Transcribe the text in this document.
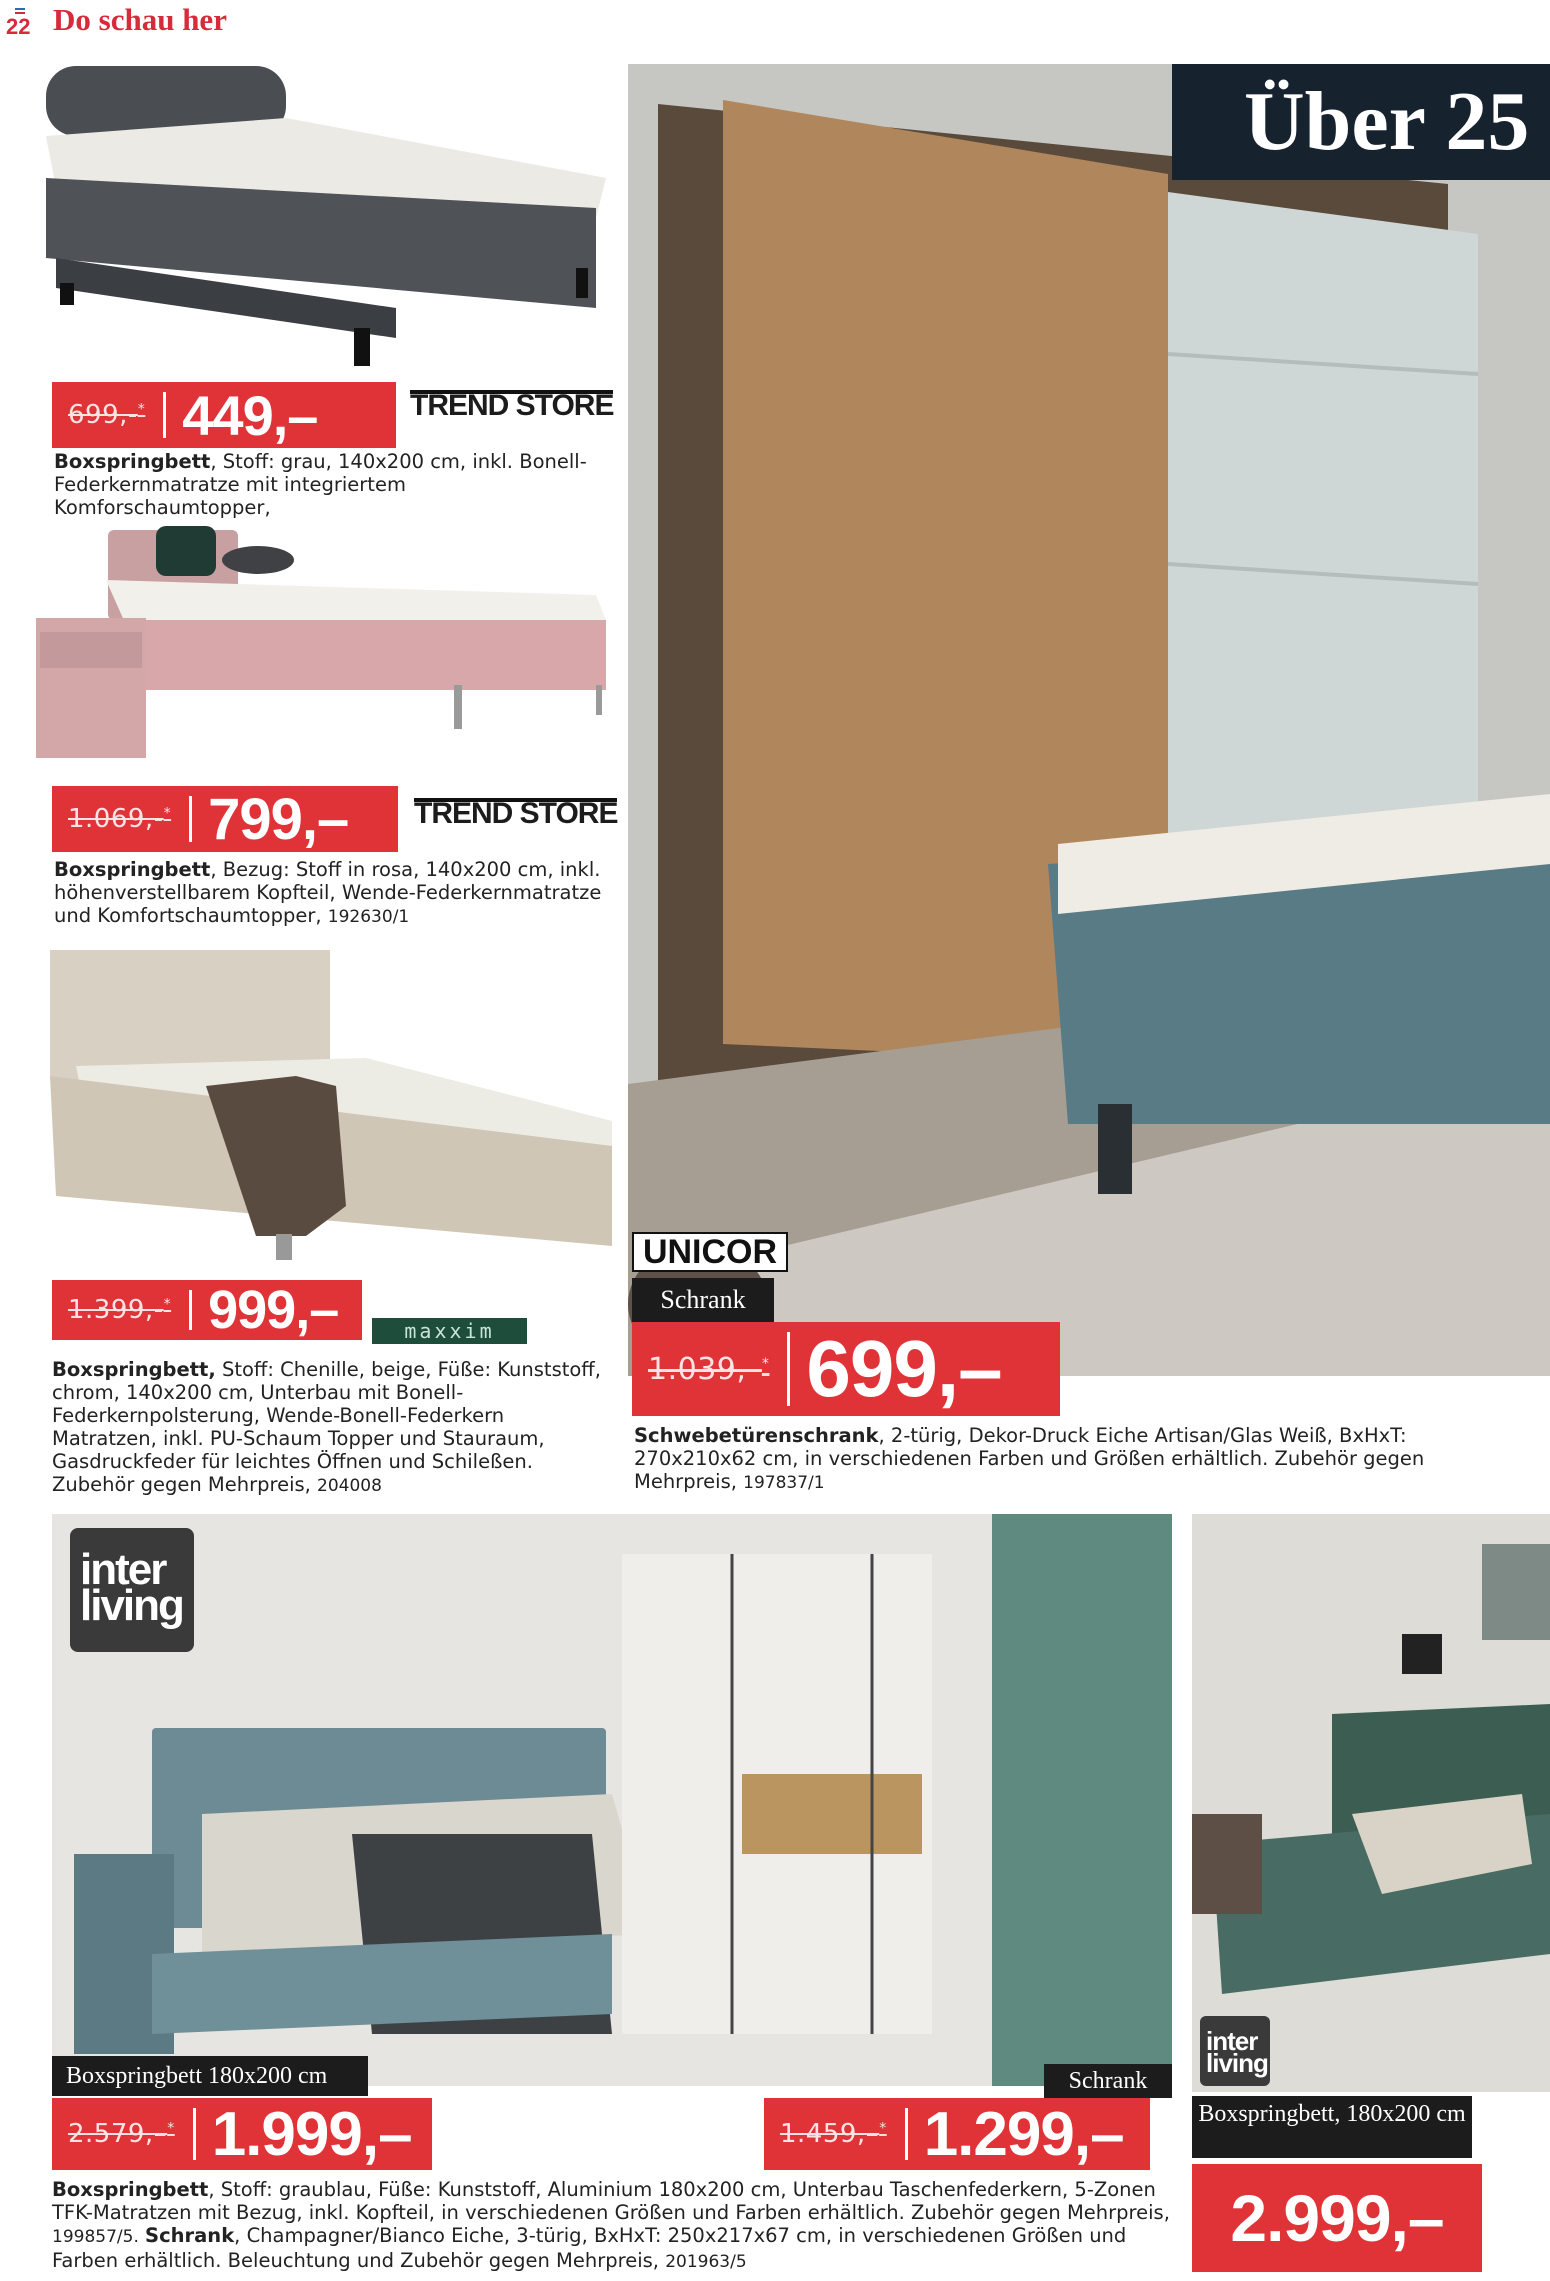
22 Do schau her
699,-* 449,–	TREND STORE
Boxspringbett, Stoff: grau, 140x200 cm, inkl. Bonell-Federkernmatratze mit integriertem Komforschaumtopper,
1.069,-* 799,– TREND STORE
Boxspringbett, Bezug: Stoff in rosa, 140x200 cm, inkl. höhenverstellbarem Kopfteil, Wende-Federkernmatratze und Komfortschaumtopper, 192630/1
1.399,-* 999,–	maxxim
Boxspringbett, Stoff: Chenille, beige, Füße: Kunststoff, chrom, 140x200 cm, Unterbau mit Bonell-Federkernpolsterung, Wende-Bonell-Federkern Matratzen, inkl. PU-Schaum Topper und Stauraum, Gasdruckfeder für leichtes Öffnen und Schileßen. Zubehör gegen Mehrpreis, 204008
Über 25
UNICOR
Schrank
1.039,–* 699,–
Schwebetürenschrank, 2-türig, Dekor-Druck Eiche Artisan/Glas Weiß, BxHxT: 270x210x62 cm, in verschiedenen Farben und Größen erhältlich. Zubehör gegen Mehrpreis, 197837/1
inter
living
Boxspringbett 180x200 cm
2.579,–* 1.999,–
Schrank
1.459,–* 1.299,–
Boxspringbett, Stoff: graublau, Füße: Kunststoff, Aluminium 180x200 cm, Unterbau Taschenfederkern, 5-Zonen TFK-Matratzen mit Bezug, inkl. Kopfteil, in verschiedenen Größen und Farben erhältlich. Zubehör gegen Mehrpreis, 199857/5. Schrank, Champagner/Bianco Eiche, 3-türig, BxHxT: 250x217x67 cm, in verschiedenen Größen und Farben erhältlich. Beleuchtung und Zubehör gegen Mehrpreis, 201963/5
inter
living
Boxspringbett, 180x200 cm
2.999,–
